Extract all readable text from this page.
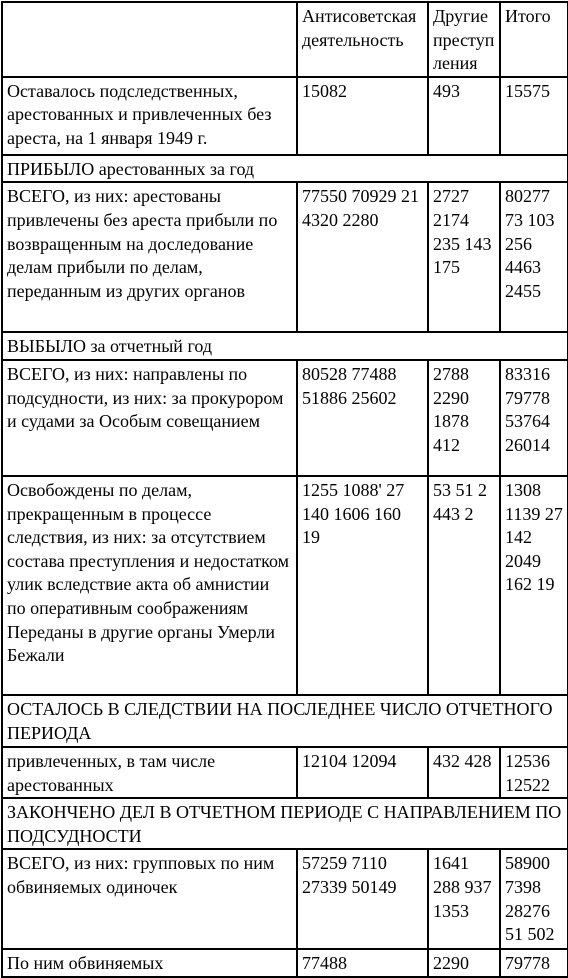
	Антисоветская деятельность	Другие преступления	Итого
Оставалось подследственных, арестованных и привлеченных без ареста, на 1 января 1949 г.	15082	493	15575
ПРИБЫЛО арестованных за год			
ВСЕГО, из них: арестованы привлечены без ареста прибыли по возвращенным на доследование делам прибыли по делам, переданным из других органов	77550 70929 21 4320 2280	2727 2174 235 143 175	80277 73 103 256 4463 2455
ВЫБЫЛО за отчетный год			
ВСЕГО, из них: направлены по подсудности, из них: за прокурором и судами за Особым совещанием	80528 77488 51886 25602	2788 2290 1878 412	83316 79778 53764 26014
Освобождены по делам, прекращенным в процессе следствия, из них: за отсутствием состава преступления и недостатком улик вследствие акта об амнистии по оперативным соображениям Переданы в другие органы Умерли Бежали	1255 1088' 27 140 1606 160 19	53 51 2 443 2	1308 1139 27 142 2049 162 19
ОСТАЛОСЬ В СЛЕДСТВИИ НА ПОСЛЕДНЕЕ ЧИСЛО ОТЧЕТНОГО ПЕРИОДА			
привлеченных, в там числе арестованных	12104 12094	432 428	12536 12522
ЗАКОНЧЕНО ДЕЛ В ОТЧЕТНОМ ПЕРИОДЕ С НАПРАВЛЕНИЕМ ПО ПОДСУДНОСТИ			
ВСЕГО, из них: групповых по ним обвиняемых одиночек	57259 7110 27339 50149	1641 288 937 1353	58900 7398 28276 51 502
По ним обвиняемых	77488	2290	79778
